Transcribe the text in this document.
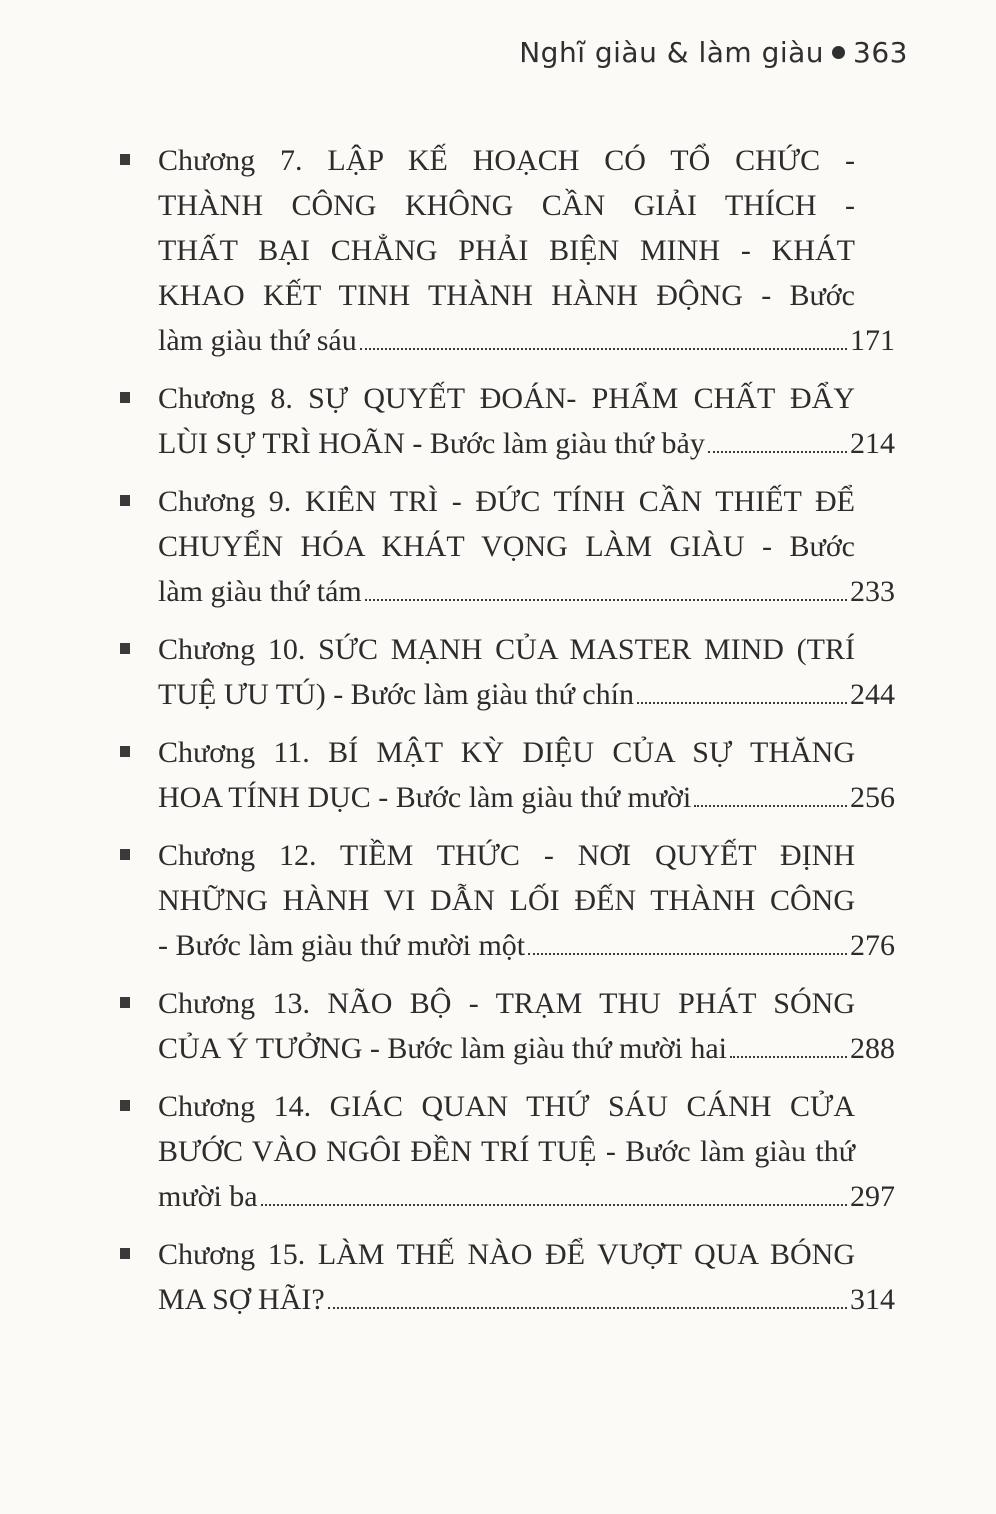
Nghĩ giàu & làm giàu 363
Chương 7. LẬP KẾ HOẠCH CÓ TỔ CHỨC -
THÀNH CÔNG KHÔNG CẦN GIẢI THÍCH -
THẤT BẠI CHẲNG PHẢI BIỆN MINH - KHÁT
KHAO KẾT TINH THÀNH HÀNH ĐỘNG - Bước
làm giàu thứ sáu	171
Chương 8. SỰ QUYẾT ĐOÁN- PHẨM CHẤT ĐẨY
LÙI SỰ TRÌ HOÃN - Bước làm giàu thứ bảy	214
Chương 9. KIÊN TRÌ - ĐỨC TÍNH CẦN THIẾT ĐỂ
CHUYỂN HÓA KHÁT VỌNG LÀM GIÀU - Bước
làm giàu thứ tám	233
Chương 10. SỨC MẠNH CỦA MASTER MIND (TRÍ
TUỆ ƯU TÚ) - Bước làm giàu thứ chín	244
Chương 11. BÍ MẬT KỲ DIỆU CỦA SỰ THĂNG
HOA TÍNH DỤC - Bước làm giàu thứ mười	256
Chương 12. TIỀM THỨC - NƠI QUYẾT ĐỊNH
NHỮNG HÀNH VI DẪN LỐI ĐẾN THÀNH CÔNG
- Bước làm giàu thứ mười một	276
Chương 13. NÃO BỘ - TRẠM THU PHÁT SÓNG
CỦA Ý TƯỞNG - Bước làm giàu thứ mười hai	288
Chương 14. GIÁC QUAN THỨ SÁU CÁNH CỬA
BƯỚC VÀO NGÔI ĐỀN TRÍ TUỆ - Bước làm giàu thứ
mười ba	297
Chương 15. LÀM THẾ NÀO ĐỂ VƯỢT QUA BÓNG
MA SỢ HÃI?	314
